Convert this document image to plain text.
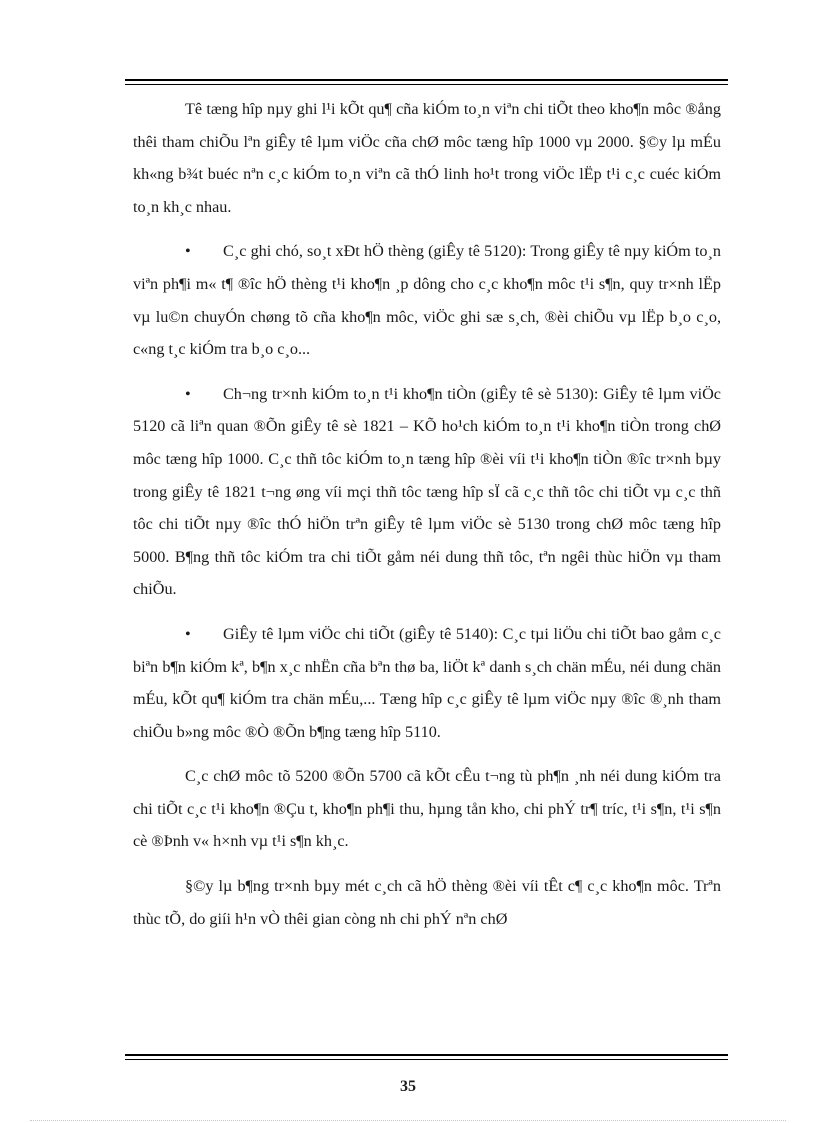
Tê tæng hîp nµy ghi l¹i kÕt qu¶ cña kiÓm to¸n viªn chi tiÕt theo kho¶n môc ®ång thêi tham chiÕu lªn giÊy tê lµm viÖc cña chØ môc tæng hîp 1000 vµ 2000. §©y lµ mÉu kh«ng b¾t buéc nªn c¸c kiÓm to¸n viªn cã thÓ linh ho¹t trong viÖc lËp t¹i c¸c cuéc kiÓm to¸n kh¸c nhau.

• C¸c ghi chó, so¸t xÐt hÖ thèng (giÊy tê 5120): Trong giÊy tê nµy kiÓm to¸n viªn ph¶i m« t¶ ®îc hÖ thèng t¹i kho¶n ¸p dông cho c¸c kho¶n môc t¹i s¶n, quy tr×nh lËp vµ lu©n chuyÓn chøng tõ cña kho¶n môc, viÖc ghi sæ s¸ch, ®èi chiÕu vµ lËp b¸o c¸o, c«ng t¸c kiÓm tra b¸o c¸o...

• Ch¬ng tr×nh kiÓm to¸n t¹i kho¶n tiÒn (giÊy tê sè 5130): GiÊy tê lµm viÖc 5120 cã liªn quan ®Õn giÊy tê sè 1821 – KÕ ho¹ch kiÓm to¸n t¹i kho¶n tiÒn trong chØ môc tæng hîp 1000. C¸c thñ tôc kiÓm to¸n tæng hîp ®èi víi t¹i kho¶n tiÒn ®îc tr×nh bµy trong giÊy tê 1821 t¬ng øng víi mçi thñ tôc tæng hîp sÏ cã c¸c thñ tôc chi tiÕt vµ c¸c thñ tôc chi tiÕt nµy ®îc thÓ hiÖn trªn giÊy tê lµm viÖc sè 5130 trong chØ môc tæng hîp 5000. B¶ng thñ tôc kiÓm tra chi tiÕt gåm néi dung thñ tôc, tªn ngêi thùc hiÖn vµ tham chiÕu.

• GiÊy tê lµm viÖc chi tiÕt (giÊy tê 5140): C¸c tµi liÖu chi tiÕt bao gåm c¸c biªn b¶n kiÓm kª, b¶n x¸c nhËn cña bªn thø ba, liÖt kª danh s¸ch chän mÉu, néi dung chän mÉu, kÕt qu¶ kiÓm tra chän mÉu,... Tæng hîp c¸c giÊy tê lµm viÖc nµy ®îc ®¸nh tham chiÕu b»ng môc ®Ò ®Õn b¶ng tæng hîp 5110.

C¸c chØ môc tõ 5200 ®Õn 5700 cã kÕt cÊu t¬ng tù ph¶n ¸nh néi dung kiÓm tra chi tiÕt c¸c t¹i kho¶n ®Çu t, kho¶n ph¶i thu, hµng tån kho, chi phÝ tr¶ tríc, t¹i s¶n, t¹i s¶n cè ®Þnh v« h×nh vµ t¹i s¶n kh¸c.

§©y lµ b¶ng tr×nh bµy mét c¸ch cã hÖ thèng ®èi víi tÊt c¶ c¸c kho¶n môc. Trªn thùc tÕ, do giíi h¹n vÒ thêi gian còng nh chi phÝ nªn chØ

35
